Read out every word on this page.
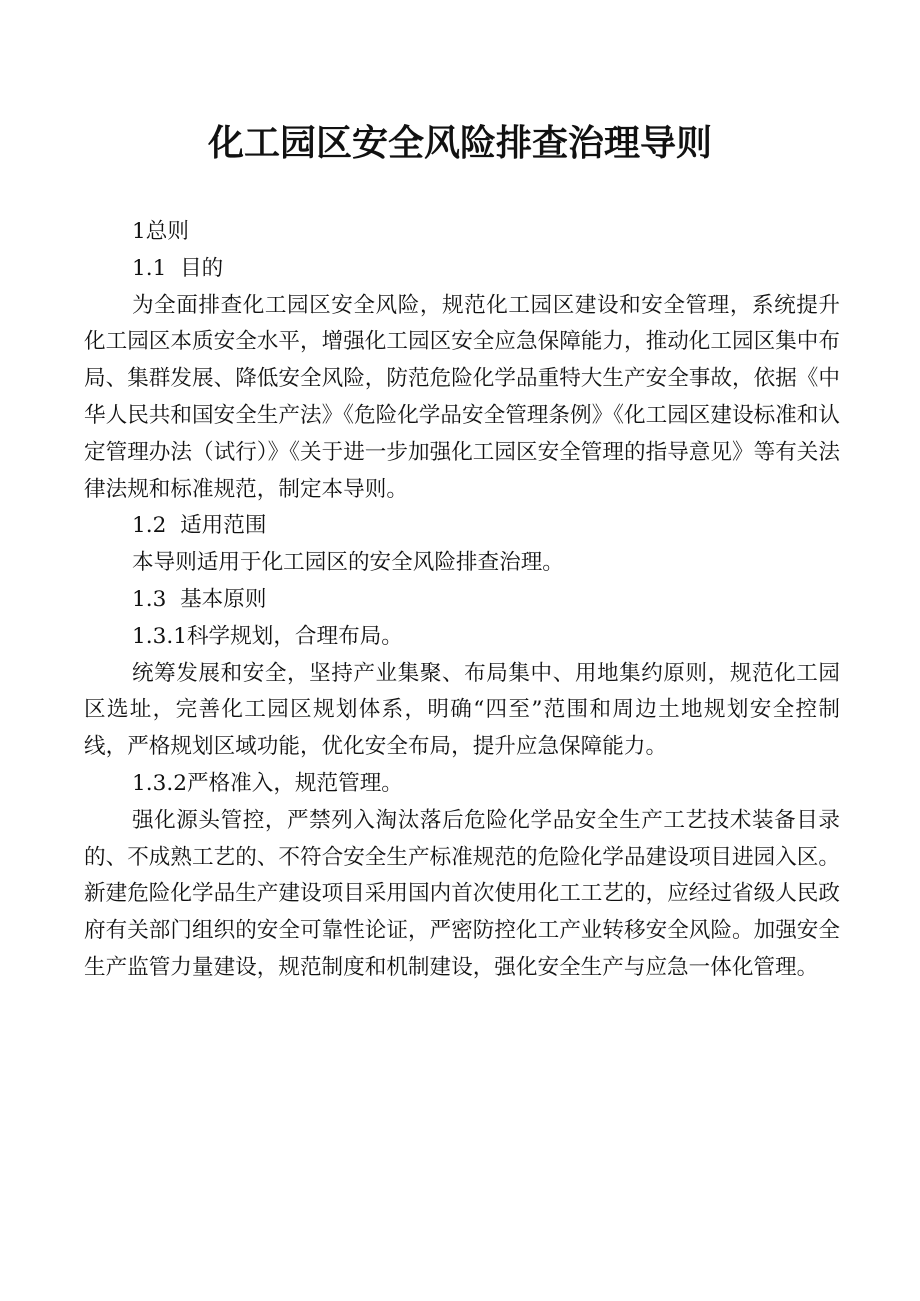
化工园区安全风险排查治理导则

1总则

1.1  目的

为全面排查化工园区安全风险，规范化工园区建设和安全管理，系统提升化工园区本质安全水平，增强化工园区安全应急保障能力，推动化工园区集中布局、集群发展、降低安全风险，防范危险化学品重特大生产安全事故，依据《中华人民共和国安全生产法》《危险化学品安全管理条例》《化工园区建设标准和认定管理办法（试行）》《关于进一步加强化工园区安全管理的指导意见》等有关法律法规和标准规范，制定本导则。

1.2  适用范围

本导则适用于化工园区的安全风险排查治理。

1.3  基本原则

1.3.1科学规划，合理布局。

统筹发展和安全，坚持产业集聚、布局集中、用地集约原则，规范化工园区选址，完善化工园区规划体系，明确“四至”范围和周边土地规划安全控制线，严格规划区域功能，优化安全布局，提升应急保障能力。

1.3.2严格准入，规范管理。

强化源头管控，严禁列入淘汰落后危险化学品安全生产工艺技术装备目录的、不成熟工艺的、不符合安全生产标准规范的危险化学品建设项目进园入区。新建危险化学品生产建设项目采用国内首次使用化工工艺的，应经过省级人民政府有关部门组织的安全可靠性论证，严密防控化工产业转移安全风险。加强安全生产监管力量建设，规范制度和机制建设，强化安全生产与应急一体化管理。
